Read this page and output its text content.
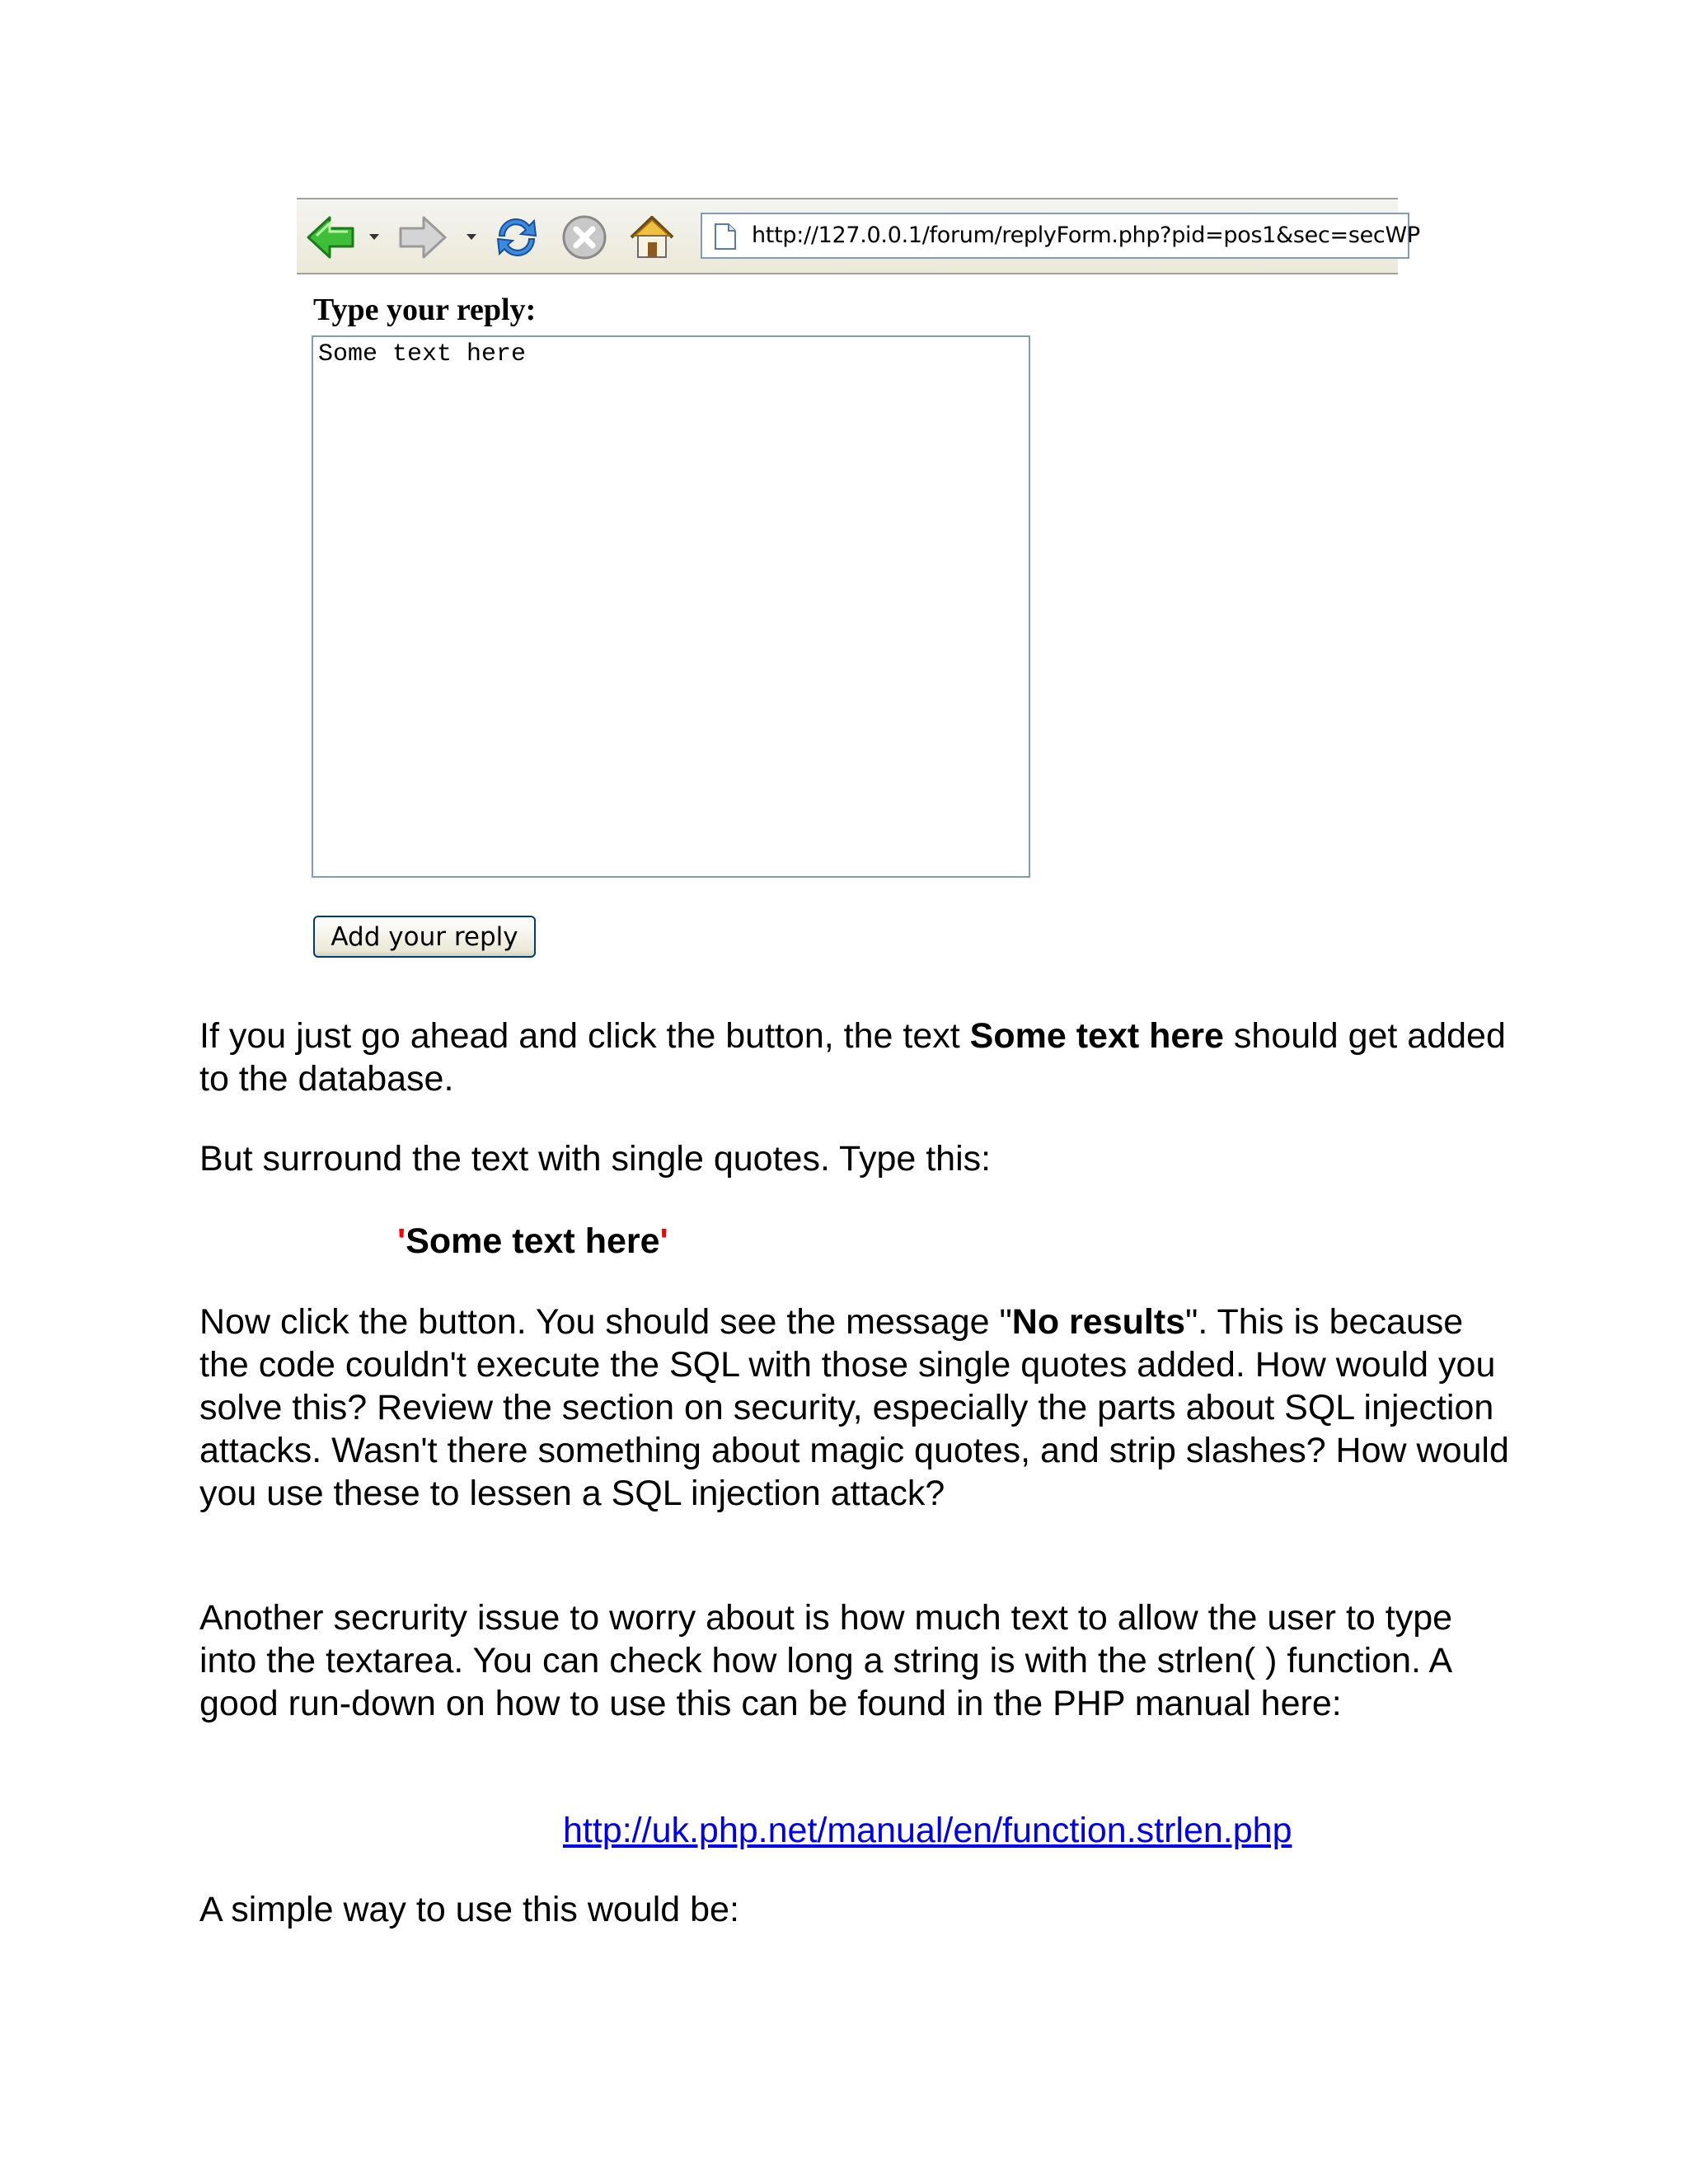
http://127.0.0.1/forum/replyForm.php?pid=pos1&sec=secWP
Type your reply:
Some text here
Add your reply

If you just go ahead and click the button, the text Some text here should get added to the database.

But surround the text with single quotes. Type this:

'Some text here'

Now click the button. You should see the message "No results". This is because the code couldn't execute the SQL with those single quotes added. How would you solve this? Review the section on security, especially the parts about SQL injection attacks. Wasn't there something about magic quotes, and strip slashes? How would you use these to lessen a SQL injection attack?

Another secrurity issue to worry about is how much text to allow the user to type into the textarea. You can check how long a string is with the strlen( ) function. A good run-down on how to use this can be found in the PHP manual here:

http://uk.php.net/manual/en/function.strlen.php

A simple way to use this would be:
